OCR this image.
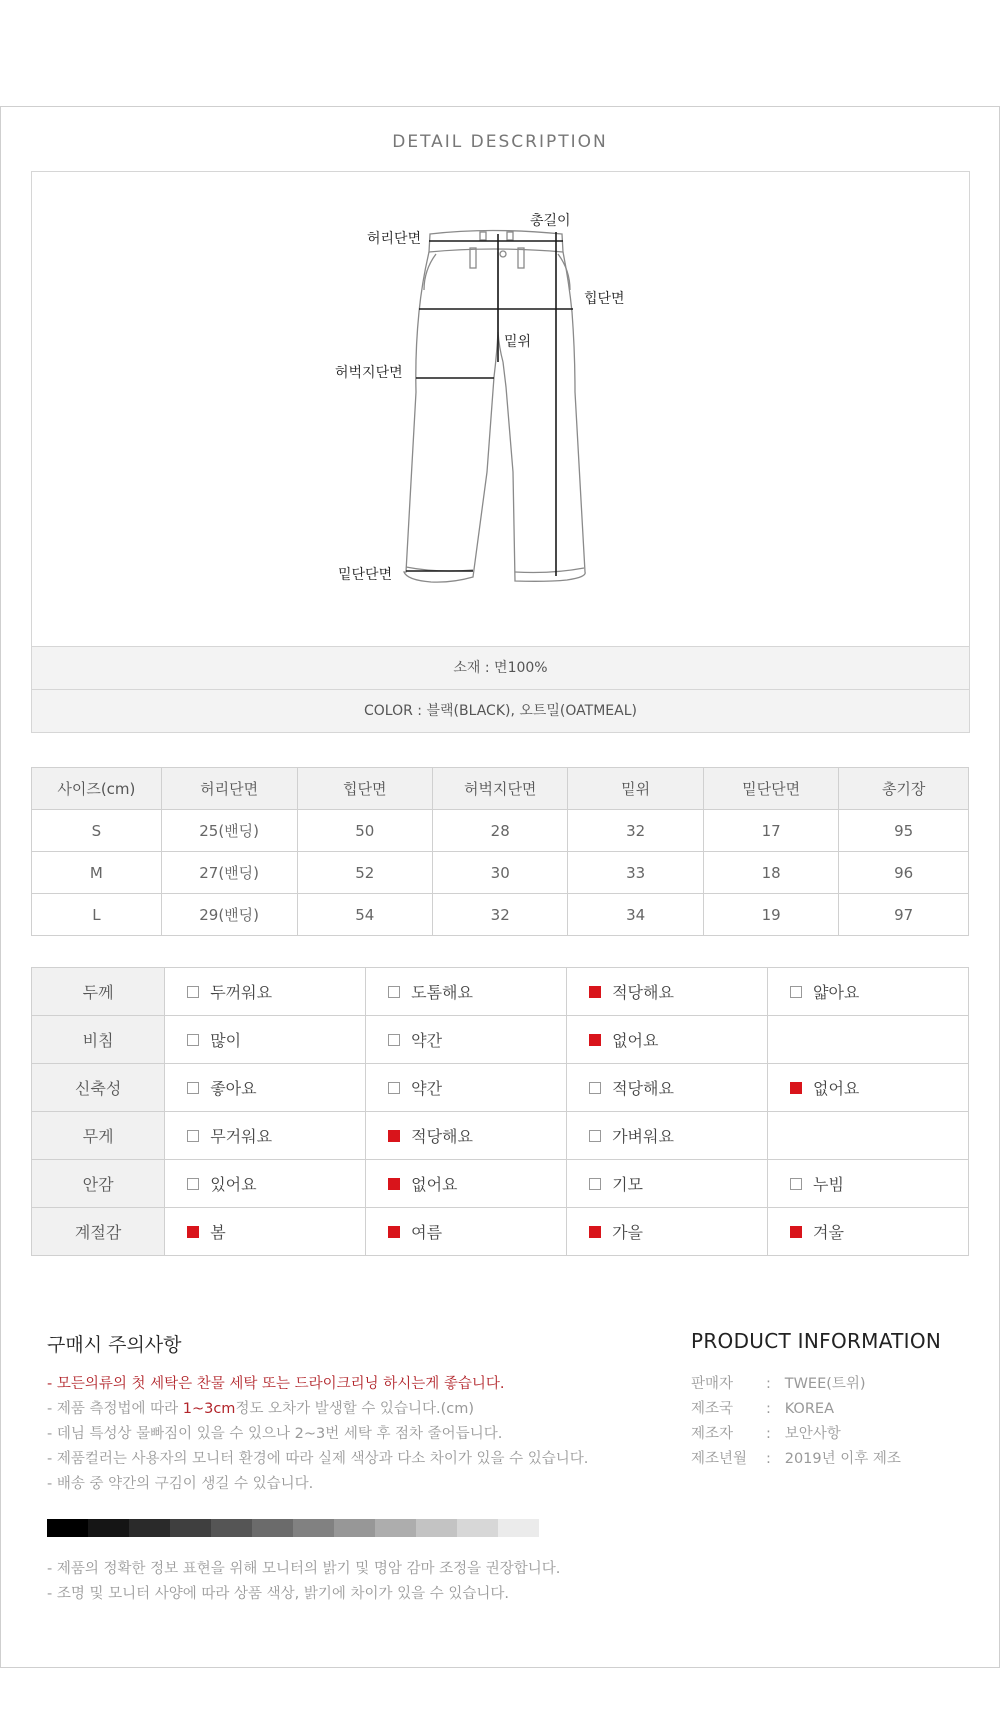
DETAIL DESCRIPTION
총길이
허리단면
힙단면
밑위
허벅지단면
밑단단면
소재 : 면100%
COLOR : 블랙(BLACK), 오트밀(OATMEAL)
사이즈(cm)	허리단면	힙단면	허벅지단면	밑위	밑단단면	총기장
S	25(밴딩)	50	28	32	17	95
M	27(밴딩)	52	30	33	18	96
L	29(밴딩)	54	32	34	19	97
두께	두꺼워요	도톰해요	적당해요	얇아요
비침	많이	약간	없어요	
신축성	좋아요	약간	적당해요	없어요
무게	무거워요	적당해요	가벼워요	
안감	있어요	없어요	기모	누빔
계절감	봄	여름	가을	겨울
구매시 주의사항
- 모든의류의 첫 세탁은 찬물 세탁 또는 드라이크리닝 하시는게 좋습니다.
- 제품 측정법에 따라 1~3cm정도 오차가 발생할 수 있습니다.(cm)
- 데님 특성상 물빠짐이 있을 수 있으나 2~3번 세탁 후 점차 줄어듭니다.
- 제품컬러는 사용자의 모니터 환경에 따라 실제 색상과 다소 차이가 있을 수 있습니다.
- 배송 중 약간의 구김이 생길 수 있습니다.
- 제품의 정확한 정보 표현을 위해 모니터의 밝기 및 명암 감마 조정을 권장합니다.
- 조명 및 모니터 사양에 따라 상품 색상, 밝기에 차이가 있을 수 있습니다.
PRODUCT INFORMATION
판매자 :   TWEE(트위)
제조국 :   KOREA
제조자 :   보안사항
제조년월 :   2019년 이후 제조
